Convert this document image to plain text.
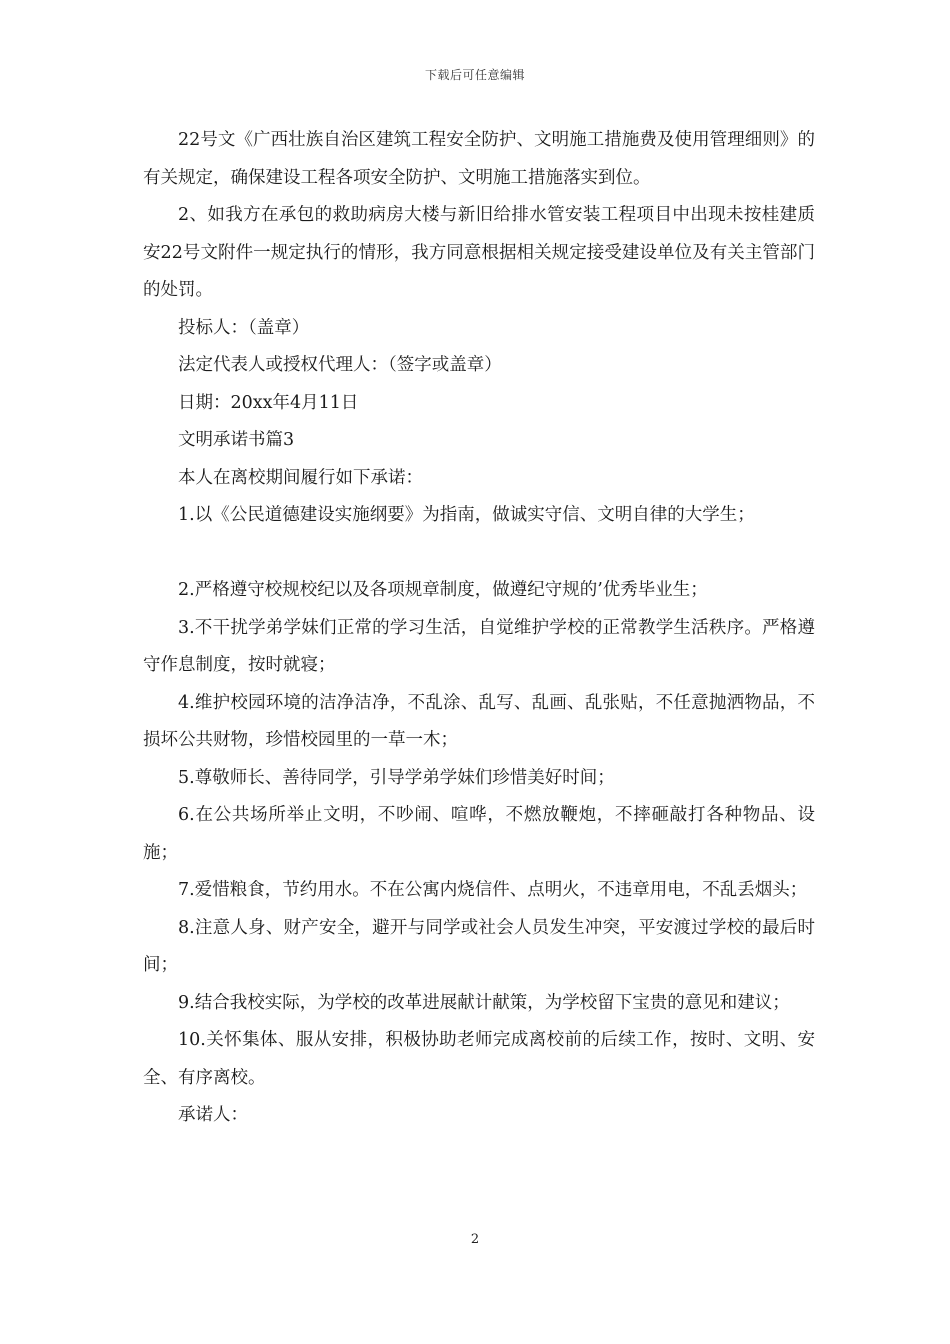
下载后可任意编辑

22号文《广西壮族自治区建筑工程安全防护、文明施工措施费及使用管理细则》的有关规定，确保建设工程各项安全防护、文明施工措施落实到位。

2、如我方在承包的救助病房大楼与新旧给排水管安装工程项目中出现未按桂建质安22号文附件一规定执行的情形，我方同意根据相关规定接受建设单位及有关主管部门的处罚。

投标人：（盖章）

法定代表人或授权代理人：（签字或盖章）

日期：20xx年4月11日

文明承诺书篇3

本人在离校期间履行如下承诺：

1.以《公民道德建设实施纲要》为指南，做诚实守信、文明自律的大学生；

2.严格遵守校规校纪以及各项规章制度，做遵纪守规的’优秀毕业生；

3.不干扰学弟学妹们正常的学习生活，自觉维护学校的正常教学生活秩序。严格遵守作息制度，按时就寝；

4.维护校园环境的洁净洁净，不乱涂、乱写、乱画、乱张贴，不任意抛洒物品，不损坏公共财物，珍惜校园里的一草一木；

5.尊敬师长、善待同学，引导学弟学妹们珍惜美好时间；

6.在公共场所举止文明，不吵闹、喧哗，不燃放鞭炮，不摔砸敲打各种物品、设施；

7.爱惜粮食，节约用水。不在公寓内烧信件、点明火，不违章用电，不乱丢烟头；

8.注意人身、财产安全，避开与同学或社会人员发生冲突，平安渡过学校的最后时间；

9.结合我校实际，为学校的改革进展献计献策，为学校留下宝贵的意见和建议；

10.关怀集体、服从安排，积极协助老师完成离校前的后续工作，按时、文明、安全、有序离校。

承诺人：

2
